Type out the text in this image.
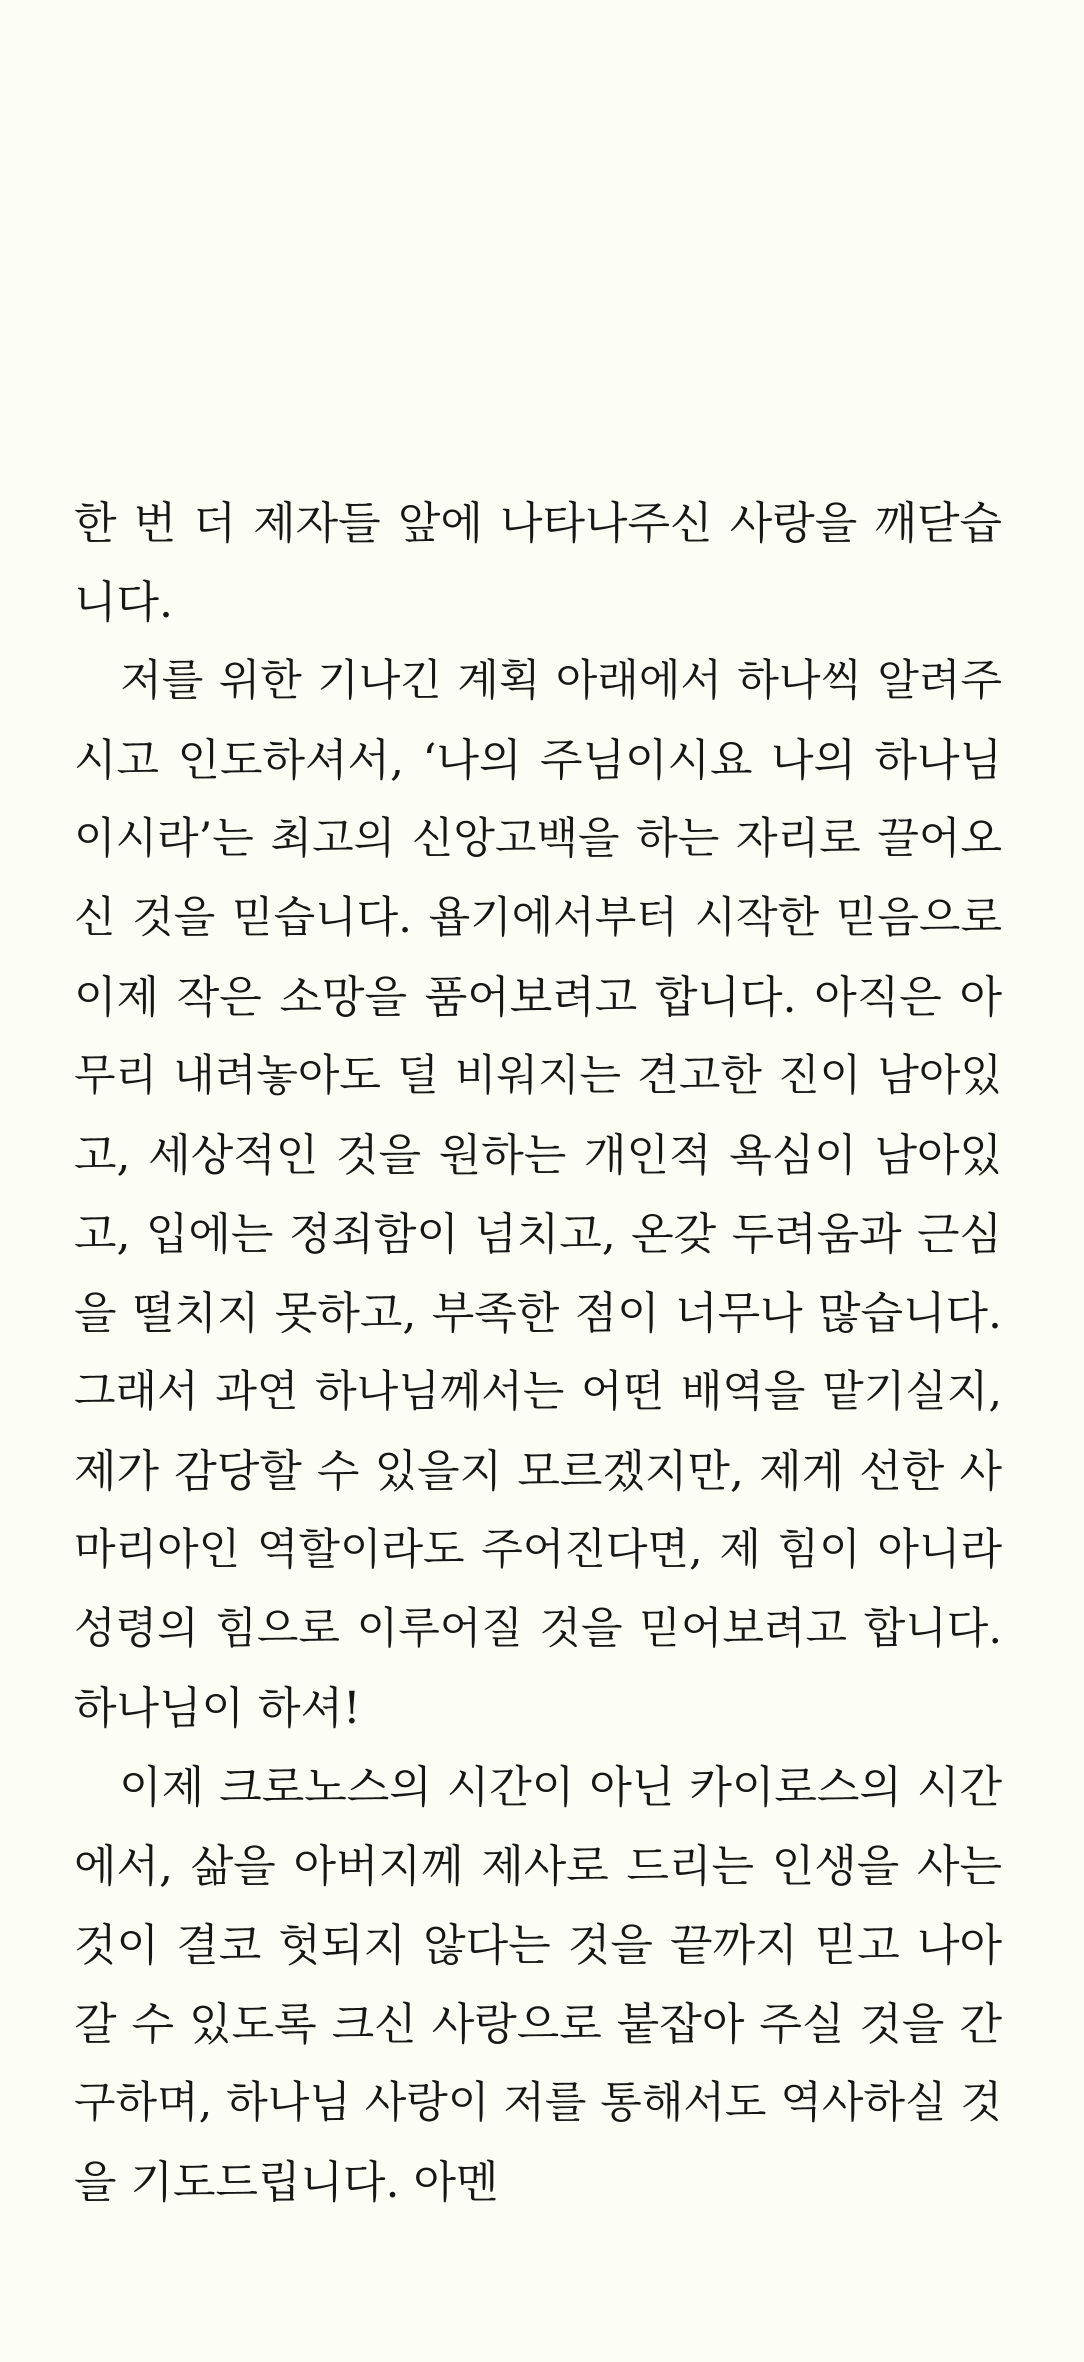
한 번 더 제자들 앞에 나타나주신 사랑을 깨닫습
니다.
저를 위한 기나긴 계획 아래에서 하나씩 알려주
시고 인도하셔서, ‘나의 주님이시요 나의 하나님
이시라’는 최고의 신앙고백을 하는 자리로 끌어오
신 것을 믿습니다. 욥기에서부터 시작한 믿음으로
이제 작은 소망을 품어보려고 합니다. 아직은 아
무리 내려놓아도 덜 비워지는 견고한 진이 남아있
고, 세상적인 것을 원하는 개인적 욕심이 남아있
고, 입에는 정죄함이 넘치고, 온갖 두려움과 근심
을 떨치지 못하고, 부족한 점이 너무나 많습니다.
그래서 과연 하나님께서는 어떤 배역을 맡기실지,
제가 감당할 수 있을지 모르겠지만, 제게 선한 사
마리아인 역할이라도 주어진다면, 제 힘이 아니라
성령의 힘으로 이루어질 것을 믿어보려고 합니다.
하나님이 하셔!
이제 크로노스의 시간이 아닌 카이로스의 시간
에서, 삶을 아버지께 제사로 드리는 인생을 사는
것이 결코 헛되지 않다는 것을 끝까지 믿고 나아
갈 수 있도록 크신 사랑으로 붙잡아 주실 것을 간
구하며, 하나님 사랑이 저를 통해서도 역사하실 것
을 기도드립니다. 아멘
